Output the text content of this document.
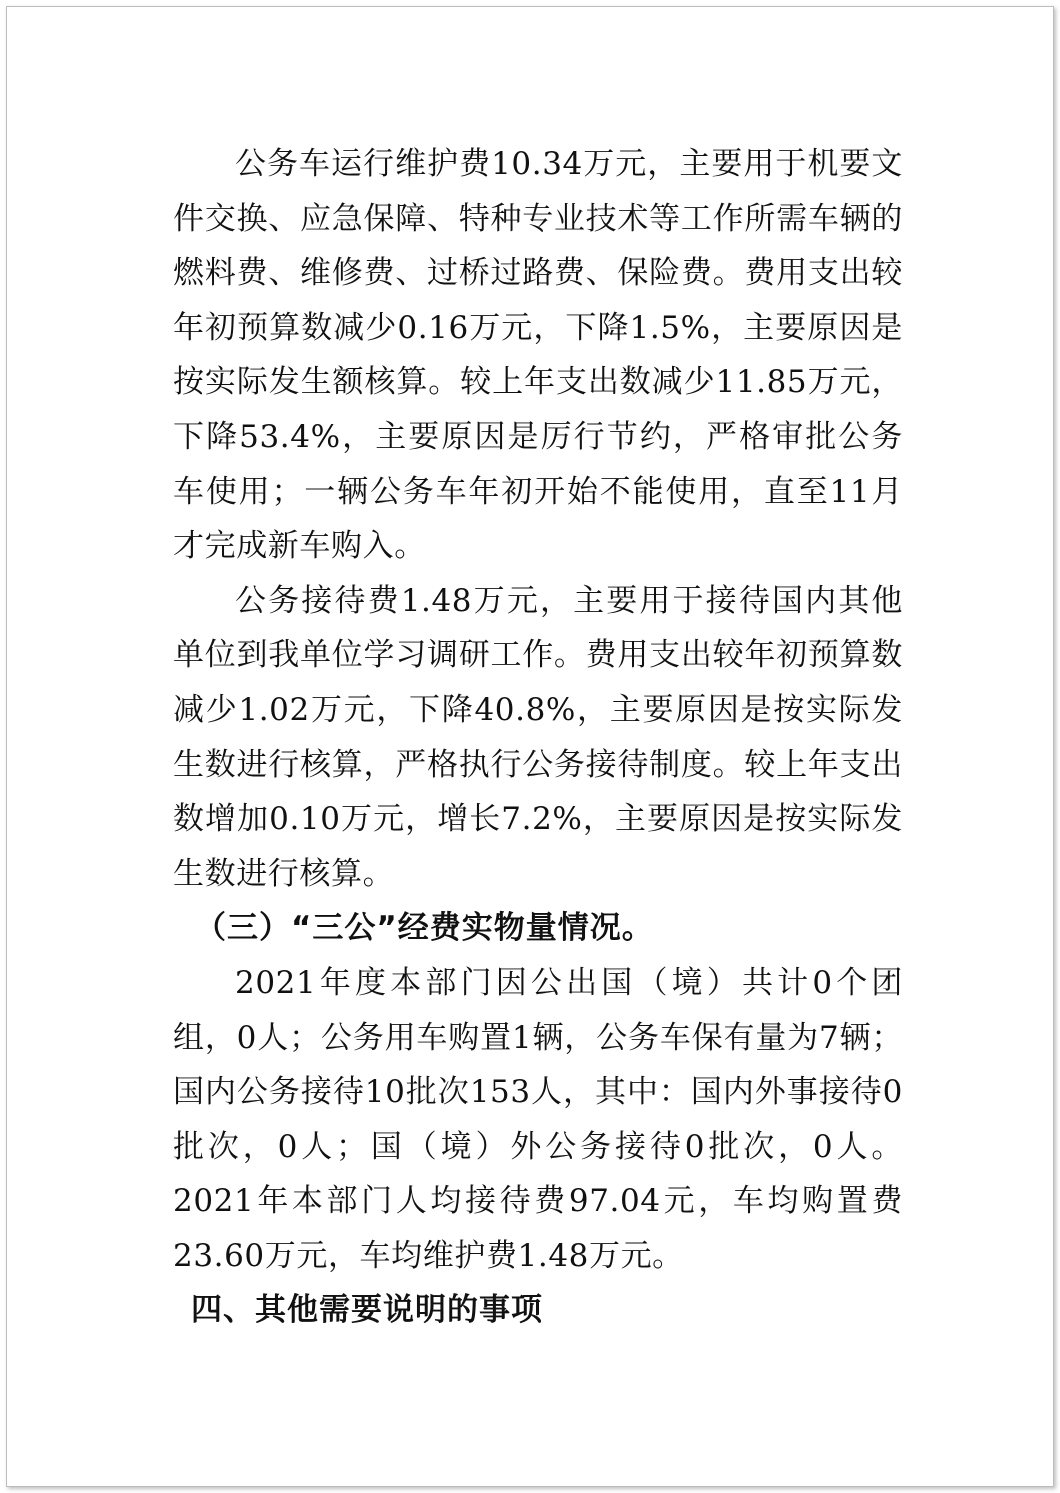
公务车运行维护费10.34万元，主要用于机要文件交换、应急保障、特种专业技术等工作所需车辆的燃料费、维修费、过桥过路费、保险费。费用支出较年初预算数减少0.16万元，下降1.5%，主要原因是按实际发生额核算。较上年支出数减少11.85万元，下降53.4%，主要原因是厉行节约，严格审批公务车使用；一辆公务车年初开始不能使用，直至11月才完成新车购入。

公务接待费1.48万元，主要用于接待国内其他单位到我单位学习调研工作。费用支出较年初预算数减少1.02万元，下降40.8%，主要原因是按实际发生数进行核算，严格执行公务接待制度。较上年支出数增加0.10万元，增长7.2%，主要原因是按实际发生数进行核算。

（三）“三公”经费实物量情况。

2021年度本部门因公出国（境）共计0个团组，0人；公务用车购置1辆，公务车保有量为7辆；国内公务接待10批次153人，其中：国内外事接待0批次，0人；国（境）外公务接待0批次，0人。2021年本部门人均接待费97.04元，车均购置费23.60万元，车均维护费1.48万元。

四、其他需要说明的事项
